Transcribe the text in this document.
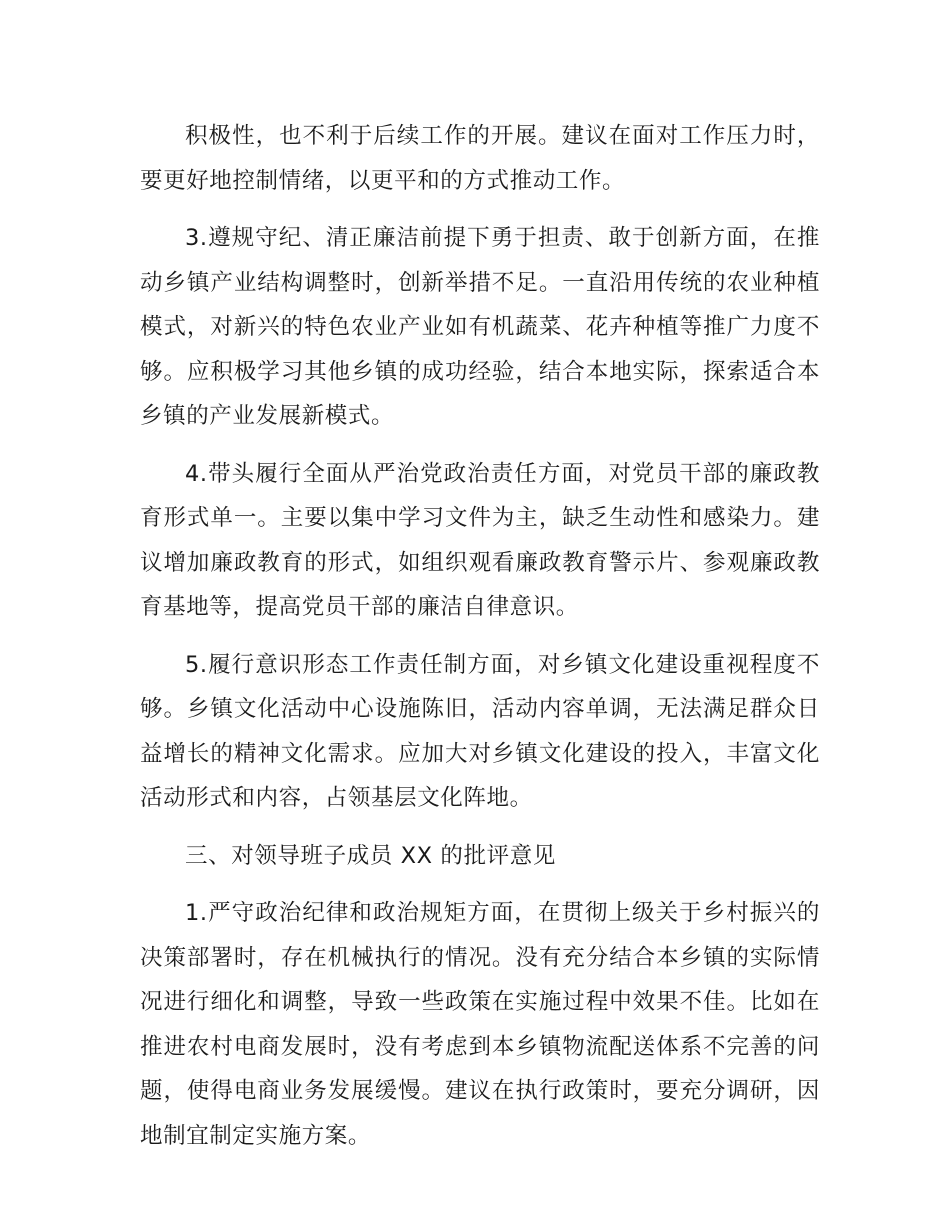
积极性，也不利于后续工作的开展。建议在面对工作压力时，要更好地控制情绪，以更平和的方式推动工作。

3.遵规守纪、清正廉洁前提下勇于担责、敢于创新方面，在推动乡镇产业结构调整时，创新举措不足。一直沿用传统的农业种植模式，对新兴的特色农业产业如有机蔬菜、花卉种植等推广力度不够。应积极学习其他乡镇的成功经验，结合本地实际，探索适合本乡镇的产业发展新模式。

4.带头履行全面从严治党政治责任方面，对党员干部的廉政教育形式单一。主要以集中学习文件为主，缺乏生动性和感染力。建议增加廉政教育的形式，如组织观看廉政教育警示片、参观廉政教育基地等，提高党员干部的廉洁自律意识。

5.履行意识形态工作责任制方面，对乡镇文化建设重视程度不够。乡镇文化活动中心设施陈旧，活动内容单调，无法满足群众日益增长的精神文化需求。应加大对乡镇文化建设的投入，丰富文化活动形式和内容，占领基层文化阵地。

三、对领导班子成员 XX 的批评意见

1.严守政治纪律和政治规矩方面，在贯彻上级关于乡村振兴的决策部署时，存在机械执行的情况。没有充分结合本乡镇的实际情况进行细化和调整，导致一些政策在实施过程中效果不佳。比如在推进农村电商发展时，没有考虑到本乡镇物流配送体系不完善的问题，使得电商业务发展缓慢。建议在执行政策时，要充分调研，因地制宜制定实施方案。
